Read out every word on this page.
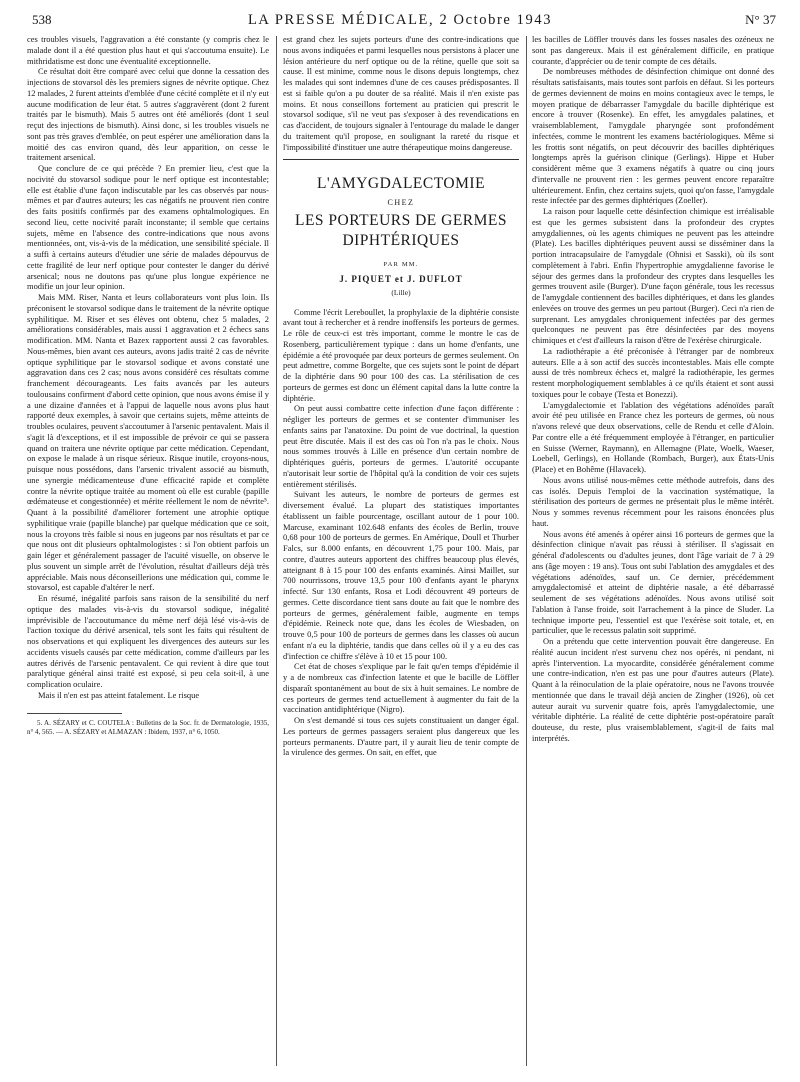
538	LA PRESSE MÉDICALE, 2 Octobre 1943	N° 37

ces troubles visuels, l'aggravation a été constante (y compris chez le malade dont il a été question plus haut et qui s'accoutuma ensuite). Le mithridatisme est donc une éventualité exceptionnelle.

Ce résultat doit être comparé avec celui que donne la cessation des injections de stovarsol dès les premiers signes de névrite optique. Chez 12 malades, 2 furent atteints d'emblée d'une cécité complète et il n'y eut aucune modification de leur état. 5 autres s'aggravèrent (dont 2 furent traités par le bismuth). Mais 5 autres ont été améliorés (dont 1 seul reçut des injections de bismuth). Ainsi donc, si les troubles visuels ne sont pas très graves d'emblée, on peut espérer une amélioration dans la moitié des cas environ quand, dès leur apparition, on cesse le traitement arsenical.

Que conclure de ce qui précède ? En premier lieu, c'est que la nocivité du stovarsol sodique pour le nerf optique est incontestable; elle est établie d'une façon indiscutable par les cas observés par nous-mêmes et par d'autres auteurs; les cas négatifs ne prouvent rien contre des faits positifs confirmés par des examens ophtalmologiques. En second lieu, cette nocivité paraît inconstante; il semble que certains sujets, même en l'absence des contre-indications que nous avons mentionnées, ont, vis-à-vis de la médication, une sensibilité spéciale. Il a suffi à certains auteurs d'étudier une série de malades dépourvus de cette fragilité de leur nerf optique pour contester le danger du dérivé arsenical; nous ne doutons pas qu'une plus longue expérience ne modifie un jour leur opinion.

Mais MM. Riser, Nanta et leurs collaborateurs vont plus loin. Ils préconisent le stovarsol sodique dans le traitement de la névrite optique syphilitique. M. Riser et ses élèves ont obtenu, chez 5 malades, 2 améliorations considérables, mais aussi 1 aggravation et 2 échecs sans modification. MM. Nanta et Bazex rapportent aussi 2 cas favorables. Nous-mêmes, bien avant ces auteurs, avons jadis traité 2 cas de névrite optique syphilitique par le stovarsol sodique et avons constaté une aggravation dans ces 2 cas; nous avons considéré ces résultats comme franchement décourageants. Les faits avancés par les auteurs toulousains confirment d'abord cette opinion, que nous avons émise il y a une dizaine d'années et à l'appui de laquelle nous avons plus haut rapporté deux exemples, à savoir que certains sujets, même atteints de troubles oculaires, peuvent s'accoutumer à l'arsenic pentavalent. Mais il s'agit là d'exceptions, et il est impossible de prévoir ce qui se passera quand on traitera une névrite optique par cette médication. Cependant, on expose le malade à un risque sérieux. Risque inutile, croyons-nous, puisque nous possédons, dans l'arsenic trivalent associé au bismuth, une synergie médicamenteuse d'une efficacité rapide et complète contre la névrite optique traitée au moment où elle est curable (papille œdémateuse et congestionnée) et mérite réellement le nom de névrite⁵. Quant à la possibilité d'améliorer fortement une atrophie optique syphilitique vraie (papille blanche) par quelque médication que ce soit, nous la croyons très faible si nous en jugeons par nos résultats et par ce que nous ont dit plusieurs ophtalmologistes : si l'on obtient parfois un gain léger et généralement passager de l'acuité visuelle, on observe le plus souvent un simple arrêt de l'évolution, résultat d'ailleurs déjà très appréciable. Mais nous déconseillerions une médication qui, comme le stovarsol, est capable d'altérer le nerf.

En résumé, inégalité parfois sans raison de la sensibilité du nerf optique des malades vis-à-vis du stovarsol sodique, inégalité imprévisible de l'accoutumance du même nerf déjà lésé vis-à-vis de l'action toxique du dérivé arsenical, tels sont les faits qui résultent de nos observations et qui expliquent les divergences des auteurs sur les accidents visuels causés par cette médication, comme d'ailleurs par les autres dérivés de l'arsenic pentavalent. Ce qui revient à dire que tout paralytique général ainsi traité est exposé, si peu cela soit-il, à une complication oculaire.

Mais il n'en est pas atteint fatalement. Le risque

5. A. SÉZARY et C. COUTELA : Bulletins de la Soc. fr. de Dermatologie, 1935, n° 4, 565. — A. SÉZARY et ALMAZAN : Ibidem, 1937, n° 6, 1050.

est grand chez les sujets porteurs d'une des contre-indications que nous avons indiquées et parmi lesquelles nous persistons à placer une lésion antérieure du nerf optique ou de la rétine, quelle que soit sa cause. Il est minime, comme nous le disons depuis longtemps, chez les malades qui sont indemnes d'une de ces causes prédisposantes. Il est si faible qu'on a pu douter de sa réalité. Mais il n'en existe pas moins. Et nous conseillons fortement au praticien qui prescrit le stovarsol sodique, s'il ne veut pas s'exposer à des revendications en cas d'accident, de toujours signaler à l'entourage du malade le danger du traitement qu'il propose, en soulignant la rareté du risque et l'impossibilité d'instituer une autre thérapeutique moins dangereuse.

L'AMYGDALECTOMIE
CHEZ
LES PORTEURS DE GERMES DIPHTÉRIQUES
PAR MM.
J. PIQUET et J. DUFLOT
(Lille)

Comme l'écrit Lereboullet, la prophylaxie de la diphtérie consiste avant tout à rechercher et à rendre inoffensifs les porteurs de germes. Le rôle de ceux-ci est très important, comme le montre le cas de Rosenberg, particulièrement typique : dans un home d'enfants, une épidémie a été provoquée par deux porteurs de germes seulement. On peut admettre, comme Borgelte, que ces sujets sont le point de départ de la diphtérie dans 90 pour 100 des cas. La stérilisation de ces porteurs de germes est donc un élément capital dans la lutte contre la diphtérie.

On peut aussi combattre cette infection d'une façon différente : négliger les porteurs de germes et se contenter d'immuniser les enfants sains par l'anatoxine. Du point de vue doctrinal, la question peut être discutée. Mais il est des cas où l'on n'a pas le choix. Nous nous sommes trouvés à Lille en présence d'un certain nombre de diphtériques guéris, porteurs de germes. L'autorité occupante n'autorisait leur sortie de l'hôpital qu'à la condition de voir ces sujets entièrement stérilisés.

Suivant les auteurs, le nombre de porteurs de germes est diversement évalué. La plupart des statistiques importantes établissent un faible pourcentage, oscillant autour de 1 pour 100. Marcuse, examinant 102.648 enfants des écoles de Berlin, trouve 0,68 pour 100 de porteurs de germes. En Amérique, Doull et Thurber Falcs, sur 8.000 enfants, en découvrent 1,75 pour 100. Mais, par contre, d'autres auteurs apportent des chiffres beaucoup plus élevés, atteignant 8 à 15 pour 100 des enfants examinés. Ainsi Maillet, sur 700 nourrissons, trouve 13,5 pour 100 d'enfants ayant le pharynx infecté. Sur 130 enfants, Rosa et Lodi découvrent 49 porteurs de germes. Cette discordance tient sans doute au fait que le nombre des porteurs de germes, généralement faible, augmente en temps d'épidémie. Reineck note que, dans les écoles de Wiesbaden, on trouve 0,5 pour 100 de porteurs de germes dans les classes où aucun enfant n'a eu la diphtérie, tandis que dans celles où il y a eu des cas d'infection ce chiffre s'élève à 10 et 15 pour 100.

Cet état de choses s'explique par le fait qu'en temps d'épidémie il y a de nombreux cas d'infection latente et que le bacille de Löffler disparaît spontanément au bout de six à huit semaines. Le nombre de ces porteurs de germes tend actuellement à augmenter du fait de la vaccination antidiphtérique (Nigro).

On s'est demandé si tous ces sujets constituaient un danger égal. Les porteurs de germes passagers seraient plus dangereux que les porteurs permanents. D'autre part, il y aurait lieu de tenir compte de la virulence des germes. On sait, en effet, que

les bacilles de Löffler trouvés dans les fosses nasales des ozéneux ne sont pas dangereux. Mais il est généralement difficile, en pratique courante, d'apprécier ou de tenir compte de ces détails.

De nombreuses méthodes de désinfection chimique ont donné des résultats satisfaisants, mais toutes sont parfois en défaut. Si les porteurs de germes deviennent de moins en moins contagieux avec le temps, le moyen pratique de débarrasser l'amygdale du bacille diphtérique est encore à trouver (Rosenke). En effet, les amygdales palatines, et vraisemblablement, l'amygdale pharyngée sont profondément infectées, comme le montrent les examens bactériologiques. Même si les frottis sont négatifs, on peut découvrir des bacilles diphtériques longtemps après la guérison clinique (Gerlings). Hippe et Huber considèrent même que 3 examens négatifs à quatre ou cinq jours d'intervalle ne prouvent rien : les germes peuvent encore reparaître ultérieurement. Enfin, chez certains sujets, quoi qu'on fasse, l'amygdale reste infectée par des germes diphtériques (Zoeller).

La raison pour laquelle cette désinfection chimique est irréalisable est que les germes subsistent dans la profondeur des cryptes amygdaliennes, où les agents chimiques ne peuvent pas les atteindre (Plate). Les bacilles diphtériques peuvent aussi se disséminer dans la portion intracapsulaire de l'amygdale (Ohnisi et Sasski), où ils sont complètement à l'abri. Enfin l'hypertrophie amygdalienne favorise le séjour des germes dans la profondeur des cryptes dans lesquelles les germes trouvent asile (Burger). D'une façon générale, tous les recessus de l'amygdale contiennent des bacilles diphtériques, et dans les glandes enlevées on trouve des germes un peu partout (Burger). Ceci n'a rien de surprenant. Les amygdales chroniquement infectées par des germes quelconques ne peuvent pas être désinfectées par des moyens chimiques et c'est d'ailleurs la raison d'être de l'exérèse chirurgicale.

La radiothérapie a été préconisée à l'étranger par de nombreux auteurs. Elle a à son actif des succès incontestables. Mais elle compte aussi de très nombreux échecs et, malgré la radiothérapie, les germes restent morphologiquement semblables à ce qu'ils étaient et sont aussi toxiques pour le cobaye (Testa et Bonezzi).

L'amygdalectomie et l'ablation des végétations adénoïdes paraît avoir été peu utilisée en France chez les porteurs de germes, où nous n'avons relevé que deux observations, celle de Rendu et celle d'Aloin. Par contre elle a été fréquemment employée à l'étranger, en particulier en Suisse (Werner, Raymann), en Allemagne (Plate, Woelk, Waeser, Loebell, Gerlings), en Hollande (Rombach, Burger), aux États-Unis (Place) et en Bohême (Hlavacek).

Nous avons utilisé nous-mêmes cette méthode autrefois, dans des cas isolés. Depuis l'emploi de la vaccination systématique, la stérilisation des porteurs de germes ne présentait plus le même intérêt. Nous y sommes revenus récemment pour les raisons énoncées plus haut.

Nous avons été amenés à opérer ainsi 16 porteurs de germes que la désinfection clinique n'avait pas réussi à stériliser. Il s'agissait en général d'adolescents ou d'adultes jeunes, dont l'âge variait de 7 à 29 ans (âge moyen : 19 ans). Tous ont subi l'ablation des amygdales et des végétations adénoïdes, sauf un. Ce dernier, précédemment amygdalectomisé et atteint de diphtérie nasale, a été débarrassé seulement de ses végétations adénoïdes. Nous avons utilisé soit l'ablation à l'anse froide, soit l'arrachement à la pince de Sluder. La technique importe peu, l'essentiel est que l'exérèse soit totale, et, en particulier, que le recessus palatin soit supprimé.

On a prétendu que cette intervention pouvait être dangereuse. En réalité aucun incident n'est survenu chez nos opérés, ni pendant, ni après l'intervention. La myocardite, considérée généralement comme une contre-indication, n'en est pas une pour d'autres auteurs (Plate). Quant à la réinoculation de la plaie opératoire, nous ne l'avons trouvée mentionnée que dans le travail déjà ancien de Zingher (1926), où cet auteur aurait vu survenir quatre fois, après l'amygdalectomie, une véritable diphtérie. La réalité de cette diphtérie post-opératoire paraît douteuse, du reste, plus vraisemblablement, s'agit-il de faits mal interprétés.
